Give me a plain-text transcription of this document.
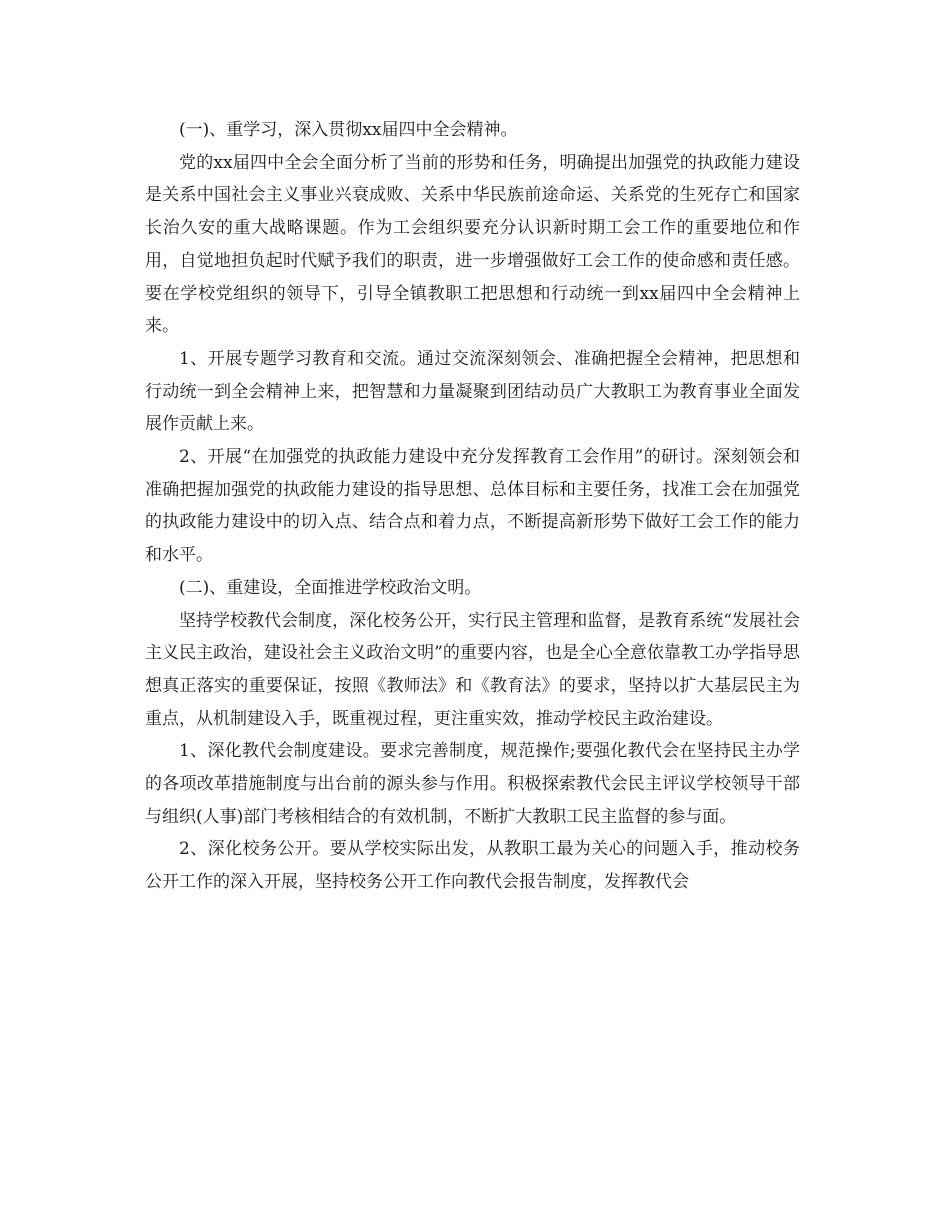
(一)、重学习，深入贯彻xx届四中全会精神。

党的xx届四中全会全面分析了当前的形势和任务，明确提出加强党的执政能力建设是关系中国社会主义事业兴衰成败、关系中华民族前途命运、关系党的生死存亡和国家长治久安的重大战略课题。作为工会组织要充分认识新时期工会工作的重要地位和作用，自觉地担负起时代赋予我们的职责，进一步增强做好工会工作的使命感和责任感。要在学校党组织的领导下，引导全镇教职工把思想和行动统一到xx届四中全会精神上来。

1、开展专题学习教育和交流。通过交流深刻领会、准确把握全会精神，把思想和行动统一到全会精神上来，把智慧和力量凝聚到团结动员广大教职工为教育事业全面发展作贡献上来。

2、开展“在加强党的执政能力建设中充分发挥教育工会作用”的研讨。深刻领会和准确把握加强党的执政能力建设的指导思想、总体目标和主要任务，找准工会在加强党的执政能力建设中的切入点、结合点和着力点，不断提高新形势下做好工会工作的能力和水平。

(二)、重建设，全面推进学校政治文明。

坚持学校教代会制度，深化校务公开，实行民主管理和监督，是教育系统“发展社会主义民主政治，建设社会主义政治文明”的重要内容，也是全心全意依靠教工办学指导思想真正落实的重要保证，按照《教师法》和《教育法》的要求，坚持以扩大基层民主为重点，从机制建设入手，既重视过程，更注重实效，推动学校民主政治建设。

1、深化教代会制度建设。要求完善制度，规范操作;要强化教代会在坚持民主办学的各项改革措施制度与出台前的源头参与作用。积极探索教代会民主评议学校领导干部与组织(人事)部门考核相结合的有效机制，不断扩大教职工民主监督的参与面。

2、深化校务公开。要从学校实际出发，从教职工最为关心的问题入手，推动校务公开工作的深入开展，坚持校务公开工作向教代会报告制度，发挥教代会
